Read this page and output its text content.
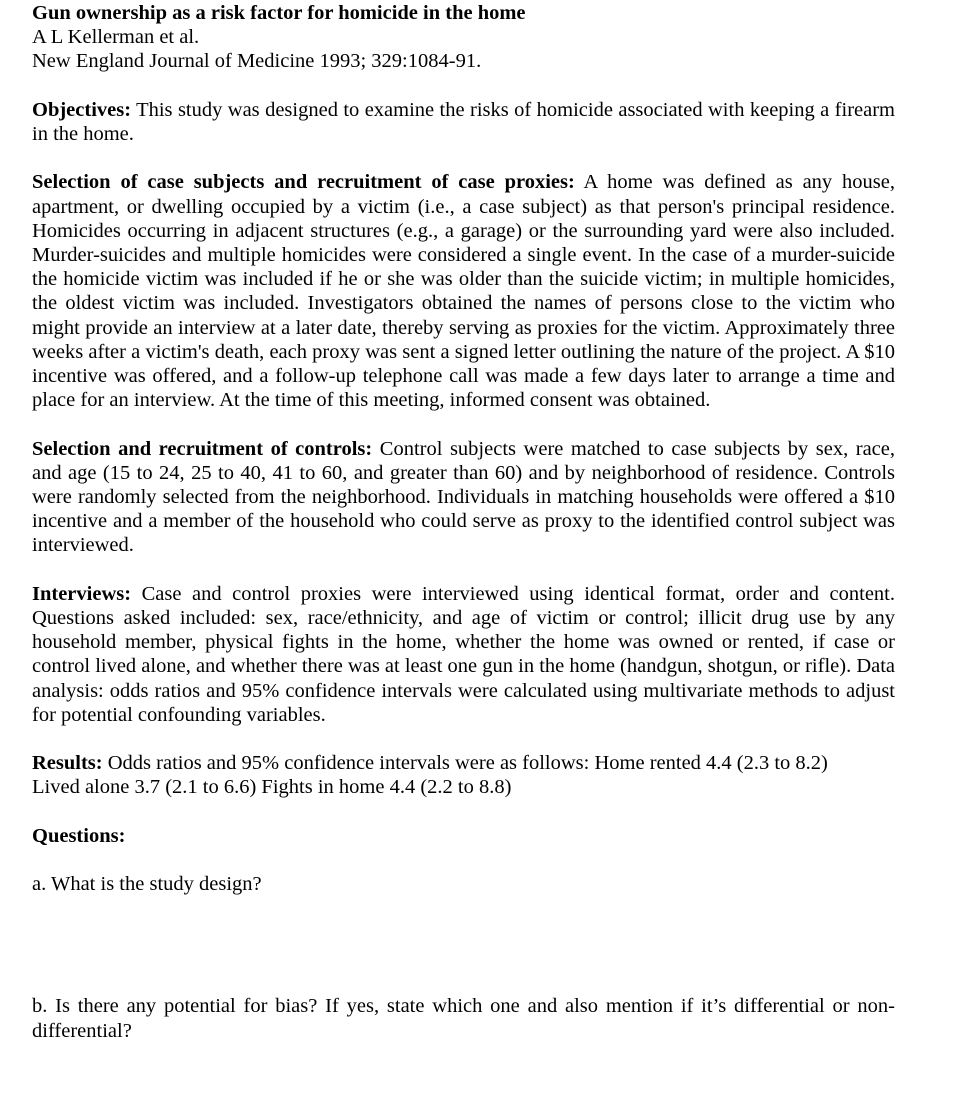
Gun ownership as a risk factor for homicide in the home

A L Kellerman et al.

New England Journal of Medicine 1993; 329:1084-91.

Objectives: This study was designed to examine the risks of homicide associated with keeping a firearm in the home.

Selection of case subjects and recruitment of case proxies: A home was defined as any house, apartment, or dwelling occupied by a victim (i.e., a case subject) as that person's principal residence. Homicides occurring in adjacent structures (e.g., a garage) or the surrounding yard were also included. Murder-suicides and multiple homicides were considered a single event. In the case of a murder-suicide the homicide victim was included if he or she was older than the suicide victim; in multiple homicides, the oldest victim was included. Investigators obtained the names of persons close to the victim who might provide an interview at a later date, thereby serving as proxies for the victim. Approximately three weeks after a victim's death, each proxy was sent a signed letter outlining the nature of the project. A $10 incentive was offered, and a follow-up telephone call was made a few days later to arrange a time and place for an interview. At the time of this meeting, informed consent was obtained.

Selection and recruitment of controls: Control subjects were matched to case subjects by sex, race, and age (15 to 24, 25 to 40, 41 to 60, and greater than 60) and by neighborhood of residence. Controls were randomly selected from the neighborhood. Individuals in matching households were offered a $10 incentive and a member of the household who could serve as proxy to the identified control subject was interviewed.

Interviews: Case and control proxies were interviewed using identical format, order and content. Questions asked included: sex, race/ethnicity, and age of victim or control; illicit drug use by any household member, physical fights in the home, whether the home was owned or rented, if case or control lived alone, and whether there was at least one gun in the home (handgun, shotgun, or rifle). Data analysis: odds ratios and 95% confidence intervals were calculated using multivariate methods to adjust for potential confounding variables.

Results: Odds ratios and 95% confidence intervals were as follows: Home rented 4.4 (2.3 to 8.2)

Lived alone 3.7 (2.1 to 6.6) Fights in home 4.4 (2.2 to 8.8)

Questions:

a. What is the study design?

b. Is there any potential for bias? If yes, state which one and also mention if it’s differential or non-differential?
